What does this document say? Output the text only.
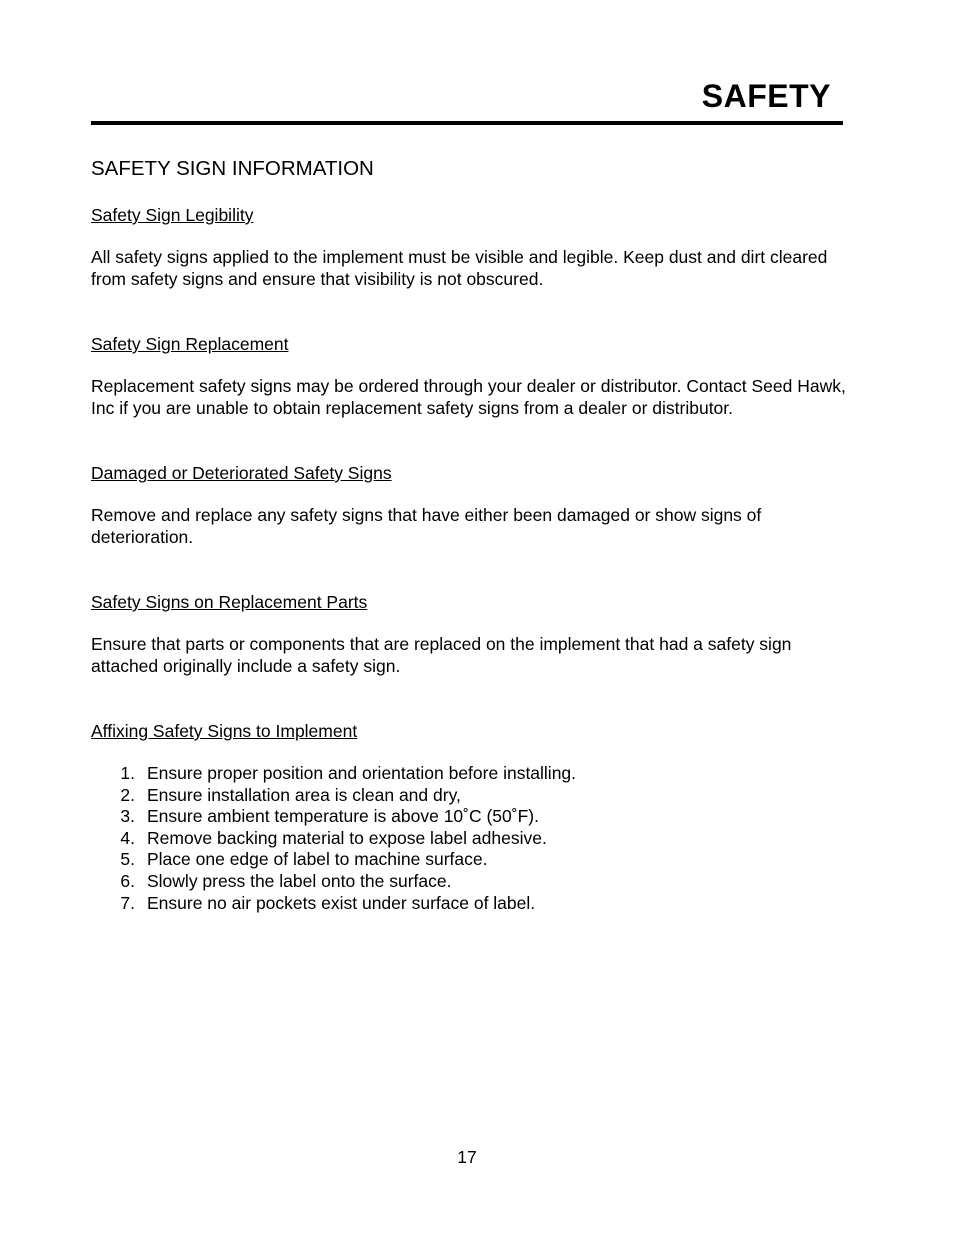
SAFETY
SAFETY SIGN INFORMATION
Safety Sign Legibility
All safety signs applied to the implement must be visible and legible. Keep dust and dirt cleared from safety signs and ensure that visibility is not obscured.
Safety Sign Replacement
Replacement safety signs may be ordered through your dealer or distributor. Contact Seed Hawk, Inc if you are unable to obtain replacement safety signs from a dealer or distributor.
Damaged or Deteriorated Safety Signs
Remove and replace any safety signs that have either been damaged or show signs of deterioration.
Safety Signs on Replacement Parts
Ensure that parts or components that are replaced on the implement that had a safety sign attached originally include a safety sign.
Affixing Safety Signs to Implement
1. Ensure proper position and orientation before installing.
2. Ensure installation area is clean and dry,
3. Ensure ambient temperature is above 10˚C (50˚F).
4. Remove backing material to expose label adhesive.
5. Place one edge of label to machine surface.
6. Slowly press the label onto the surface.
7. Ensure no air pockets exist under surface of label.
17
